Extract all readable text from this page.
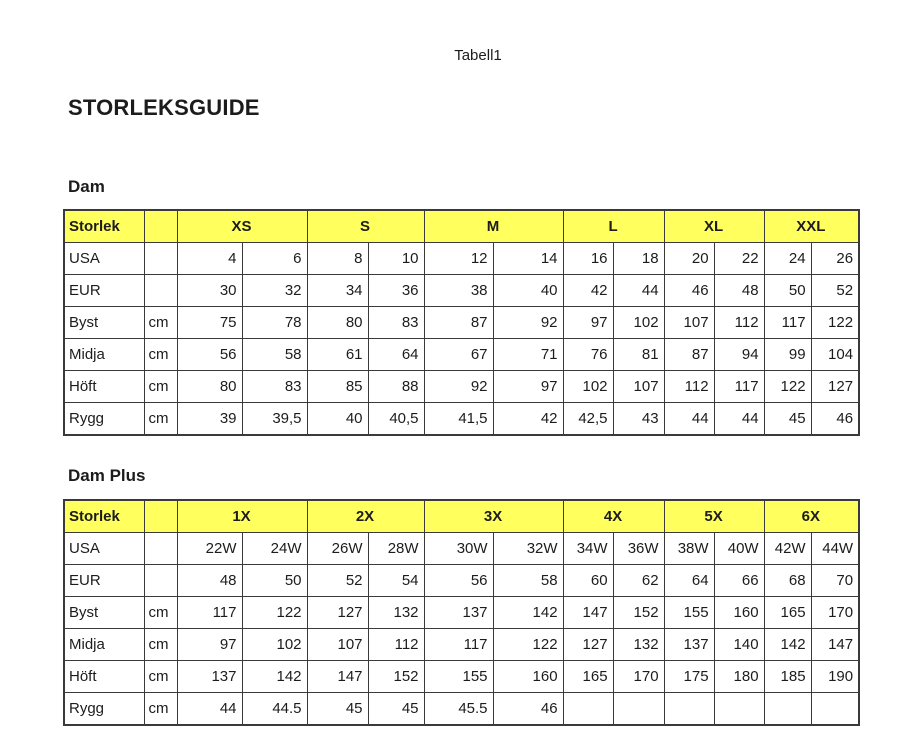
Tabell1
STORLEKSGUIDE
Dam
Storlek		XS		S		M		L		XL		XXL	
USA		4	6	8	10	12	14	16	18	20	22	24	26
EUR		30	32	34	36	38	40	42	44	46	48	50	52
Byst	cm	75	78	80	83	87	92	97	102	107	112	117	122
Midja	cm	56	58	61	64	67	71	76	81	87	94	99	104
Höft	cm	80	83	85	88	92	97	102	107	112	117	122	127
Rygg	cm	39	39,5	40	40,5	41,5	42	42,5	43	44	44	45	46
Dam Plus
Storlek		1X		2X		3X		4X		5X		6X	
USA		22W	24W	26W	28W	30W	32W	34W	36W	38W	40W	42W	44W
EUR		48	50	52	54	56	58	60	62	64	66	68	70
Byst	cm	117	122	127	132	137	142	147	152	155	160	165	170
Midja	cm	97	102	107	112	117	122	127	132	137	140	142	147
Höft	cm	137	142	147	152	155	160	165	170	175	180	185	190
Rygg	cm	44	44.5	45	45	45.5	46						
